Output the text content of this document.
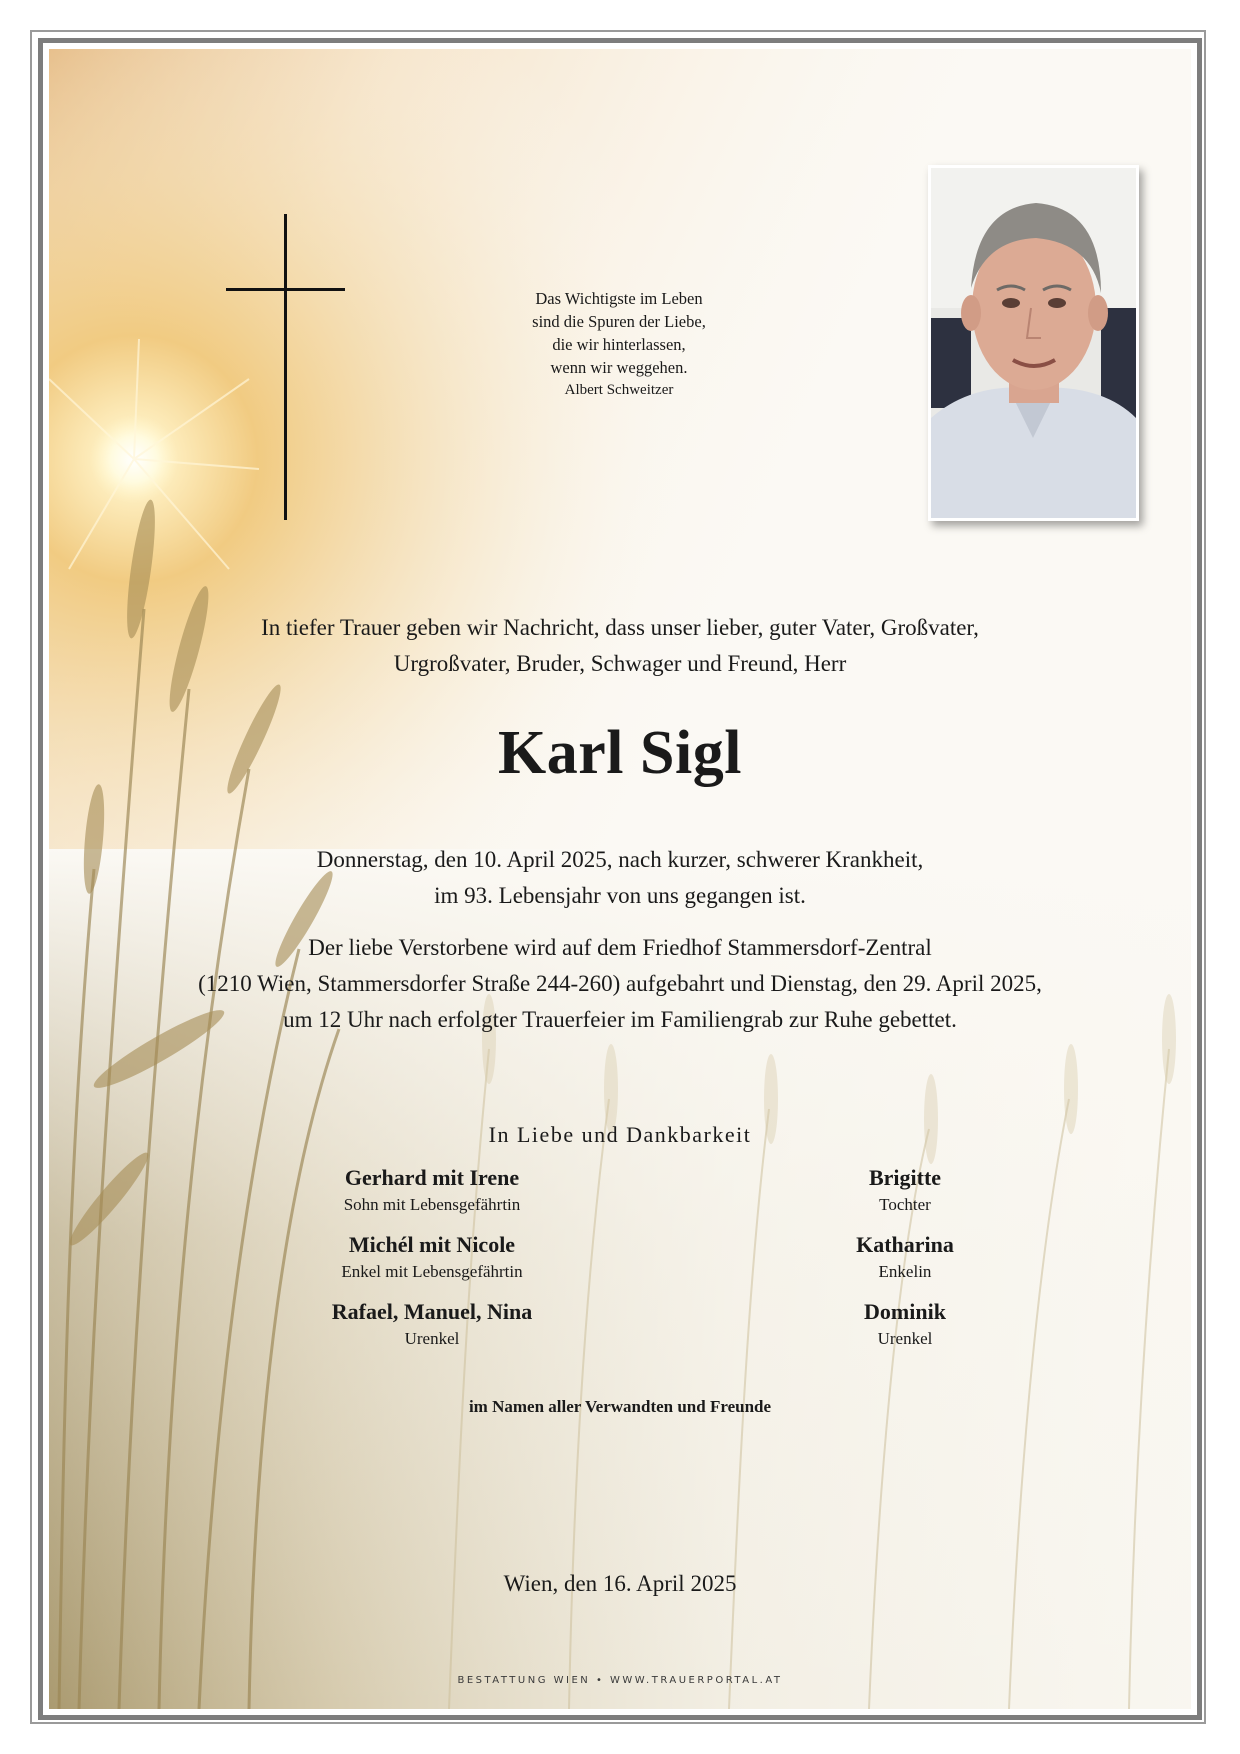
Das Wichtigste im Leben
sind die Spuren der Liebe,
die wir hinterlassen,
wenn wir weggehen.
Albert Schweitzer
In tiefer Trauer geben wir Nachricht, dass unser lieber, guter Vater, Großvater,
Urgroßvater, Bruder, Schwager und Freund, Herr
Karl Sigl
Donnerstag, den 10. April 2025, nach kurzer, schwerer Krankheit,
im 93. Lebensjahr von uns gegangen ist.
Der liebe Verstorbene wird auf dem Friedhof Stammersdorf-Zentral
(1210 Wien, Stammersdorfer Straße 244-260) aufgebahrt und Dienstag, den 29. April 2025,
um 12 Uhr nach erfolgter Trauerfeier im Familiengrab zur Ruhe gebettet.
In Liebe und Dankbarkeit
Gerhard mit Irene
Sohn mit Lebensgefährtin
Michél mit Nicole
Enkel mit Lebensgefährtin
Rafael, Manuel, Nina
Urenkel
Brigitte
Tochter
Katharina
Enkelin
Dominik
Urenkel
im Namen aller Verwandten und Freunde
Wien, den 16. April 2025
BESTATTUNG WIEN • WWW.TRAUERPORTAL.AT
